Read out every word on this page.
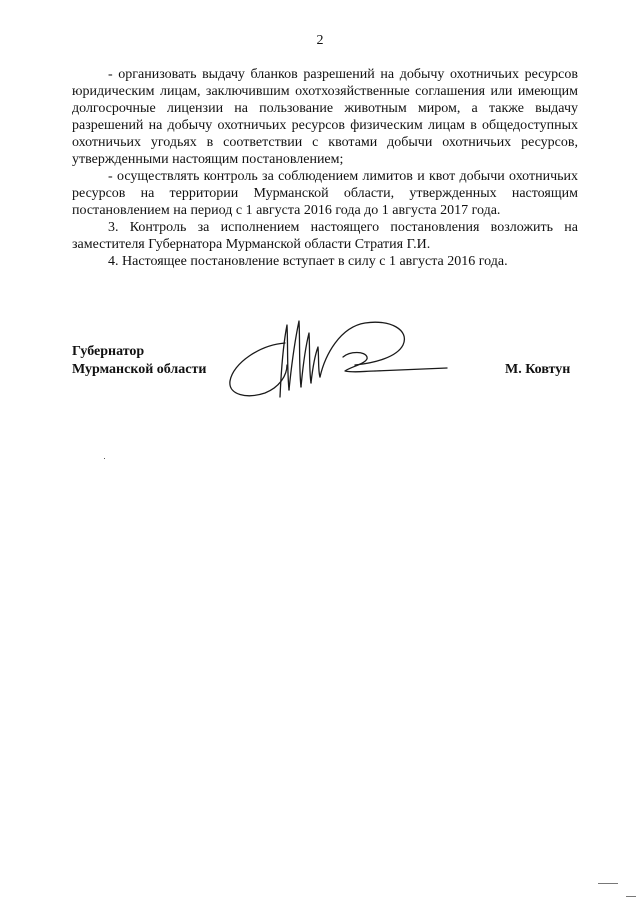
2

- организовать выдачу бланков разрешений на добычу охотничьих ресурсов юридическим лицам, заключившим охотхозяйственные соглашения или имеющим долгосрочные лицензии на пользование животным миром, а также выдачу разрешений на добычу охотничьих ресурсов физическим лицам в общедоступных охотничьих угодьях в соответствии с квотами добычи охотничьих ресурсов, утвержденными настоящим постановлением;

- осуществлять контроль за соблюдением лимитов и квот добычи охотничьих ресурсов на территории Мурманской области, утвержденных настоящим постановлением на период с 1 августа 2016 года до 1 августа 2017 года.

3. Контроль за исполнением настоящего постановления возложить на заместителя Губернатора Мурманской области Стратия Г.И.

4. Настоящее постановление вступает в силу с 1 августа 2016 года.

Губернатор
Мурманской области	М. Ковтун
